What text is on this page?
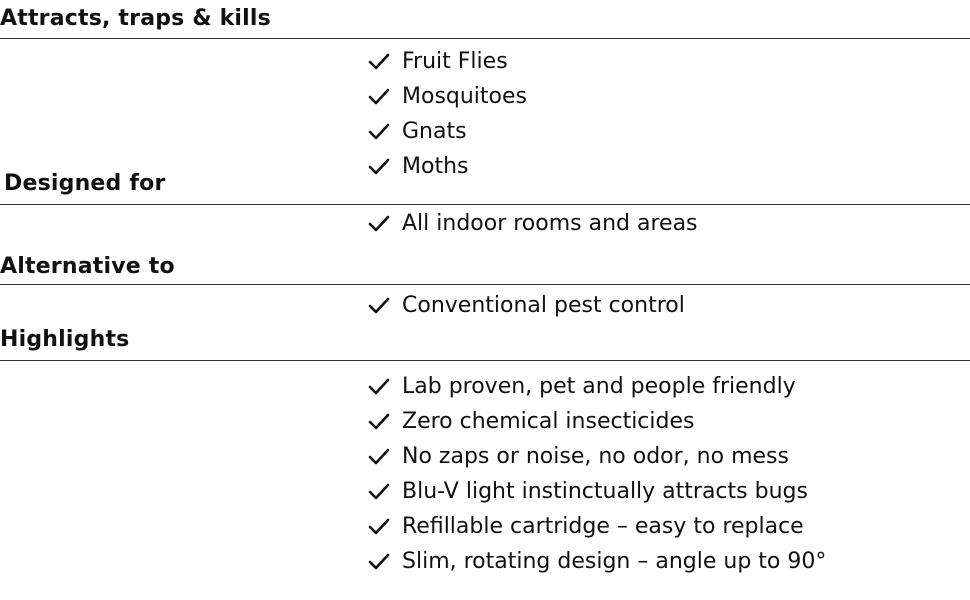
Attracts, traps & kills
Fruit Flies
Mosquitoes
Gnats
Moths
Designed for
All indoor rooms and areas
Alternative to
Conventional pest control
Highlights
Lab proven, pet and people friendly
Zero chemical insecticides
No zaps or noise, no odor, no mess
Blu-V light instinctually attracts bugs
Refillable cartridge – easy to replace
Slim, rotating design – angle up to 90°
